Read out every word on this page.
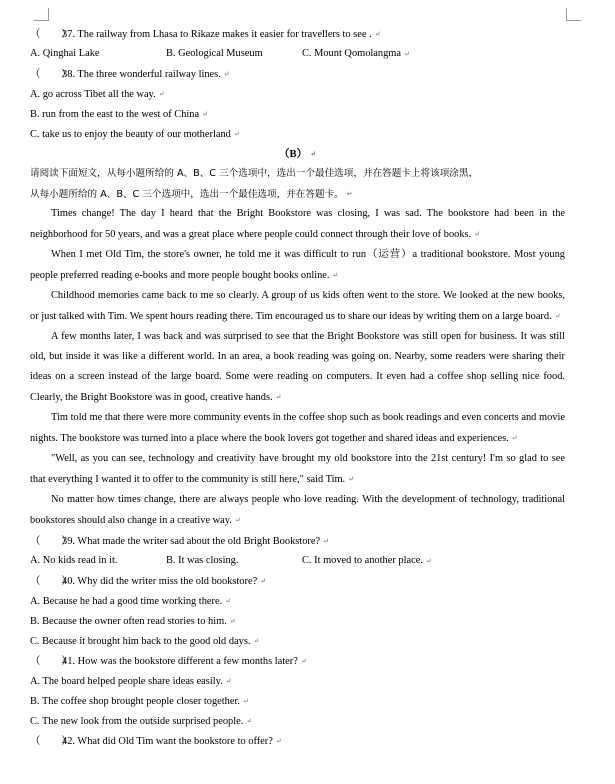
（　　）37. The railway from Lhasa to Rikaze makes it easier for travellers to see . ↵
A. Qinghai Lake	B. Geological Museum	C. Mount Qomolangma ↵
（　　）38. The three wonderful railway lines. ↵
A. go across Tibet all the way. ↵
B. run from the east to the west of China ↵
C. take us to enjoy the beauty of our motherland ↵
（B） ↵
请阅读下面短文，从每小题所给的 A、B、C 三个选项中，选出一个最佳选项，并在答题卡上将该项涂黑，
从每小题所给的 A、B、C 三个选项中，选出一个最佳选项，并在答题卡。 ↵
Times change! The day I heard that the Bright Bookstore was closing, I was sad. The bookstore had been in the neighborhood for 50 years, and was a great place where people could connect through their love of books. ↵
When I met Old Tim, the store's owner, he told me it was difficult to run（运营）a traditional bookstore. Most young people preferred reading e-books and more people bought books online. ↵
Childhood memories came back to me so clearly. A group of us kids often went to the store. We looked at the new books, or just talked with Tim. We spent hours reading there. Tim encouraged us to share our ideas by writing them on a large board. ↵
A few months later, I was back and was surprised to see that the Bright Bookstore was still open for business. It was still old, but inside it was like a different world. In an area, a book reading was going on. Nearby, some readers were sharing their ideas on a screen instead of the large board. Some were reading on computers. It even had a coffee shop selling nice food. Clearly, the Bright Bookstore was in good, creative hands. ↵
Tim told me that there were more community events in the coffee shop such as book readings and even concerts and movie nights. The bookstore was turned into a place where the book lovers got together and shared ideas and experiences. ↵
"Well, as you can see, technology and creativity have brought my old bookstore into the 21st century! I'm so glad to see that everything I wanted it to offer to the community is still here," said Tim. ↵
No matter how times change, there are always people who love reading. With the development of technology, traditional bookstores should also change in a creative way. ↵
（　　）39. What made the writer sad about the old Bright Bookstore? ↵
A. No kids read in it.	B. It was closing.	C. It moved to another place. ↵
（　　）40. Why did the writer miss the old bookstore? ↵
A. Because he had a good time working there. ↵
B. Because the owner often read stories to him. ↵
C. Because it brought him back to the good old days. ↵
（　　）41. How was the bookstore different a few months later? ↵
A. The board helped people share ideas easily. ↵
B. The coffee shop brought people closer together. ↵
C. The new look from the outside surprised people. ↵
（　　）42. What did Old Tim want the bookstore to offer? ↵
